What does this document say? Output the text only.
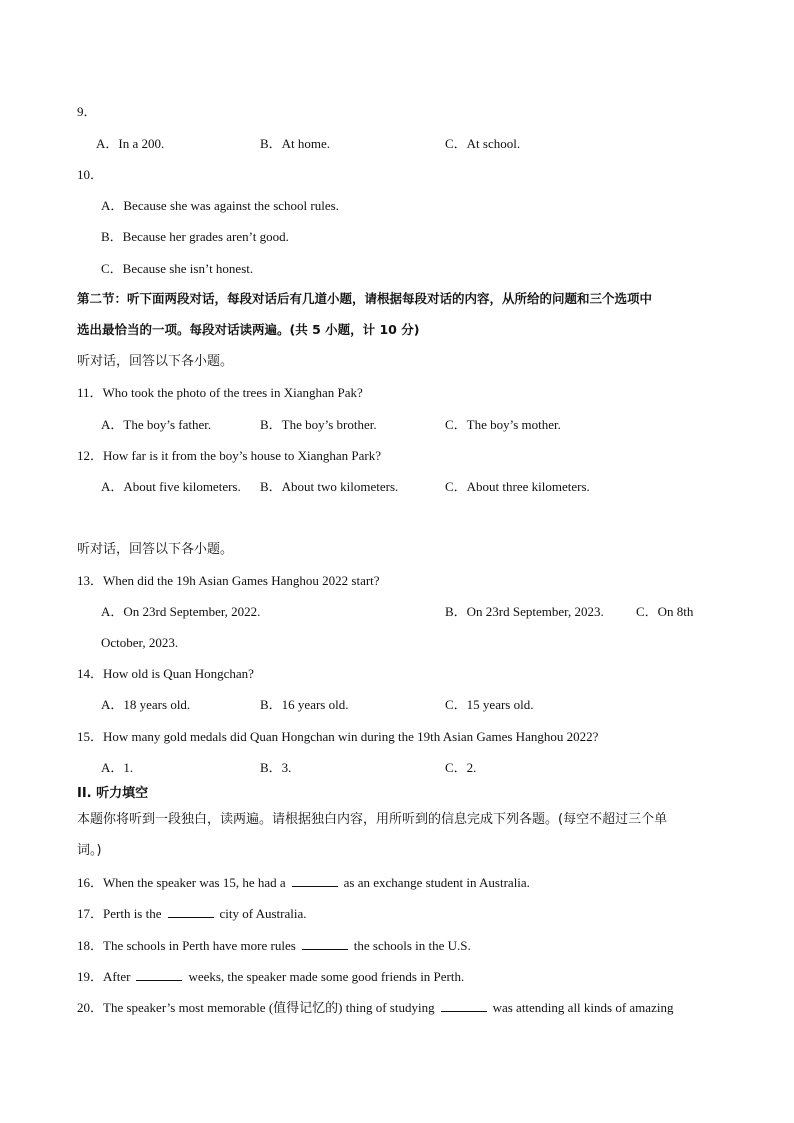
9．
A．In a 200.	B．At home.	C．At school.
10．
A．Because she was against the school rules.
B．Because her grades aren’t good.
C．Because she isn’t honest.
第二节：听下面两段对话，每段对话后有几道小题，请根据每段对话的内容，从所给的问题和三个选项中
选出最恰当的一项。每段对话读两遍。(共 5 小题，计 10 分)
听对话，回答以下各小题。
11．Who took the photo of the trees in Xianghan Pak?
A．The boy’s father.	B．The boy’s brother.	C．The boy’s mother.
12．How far is it from the boy’s house to Xianghan Park?
A．About five kilometers. B．About two kilometers.	C．About three kilometers.
听对话，回答以下各小题。
13．When did the 19h Asian Games Hanghou 2022 start?
A．On 23rd September, 2022.	B．On 23rd September, 2023. C．On 8th
October, 2023.
14．How old is Quan Hongchan?
A．18 years old.	B．16 years old.	C．15 years old.
15．How many gold medals did Quan Hongchan win during the 19th Asian Games Hanghou 2022?
A．1.	B．3.	C．2.
II. 听力填空
本题你将听到一段独白，读两遍。请根据独白内容，用所听到的信息完成下列各题。(每空不超过三个单
词。)
16．When the speaker was 15, he had a	as an exchange student in Australia.
17．Perth is the	city of Australia.
18．The schools in Perth have more rules	the schools in the U.S.
19．After	weeks, the speaker made some good friends in Perth.
20．The speaker’s most memorable (值得记忆的) thing of studying	was attending all kinds of amazing
